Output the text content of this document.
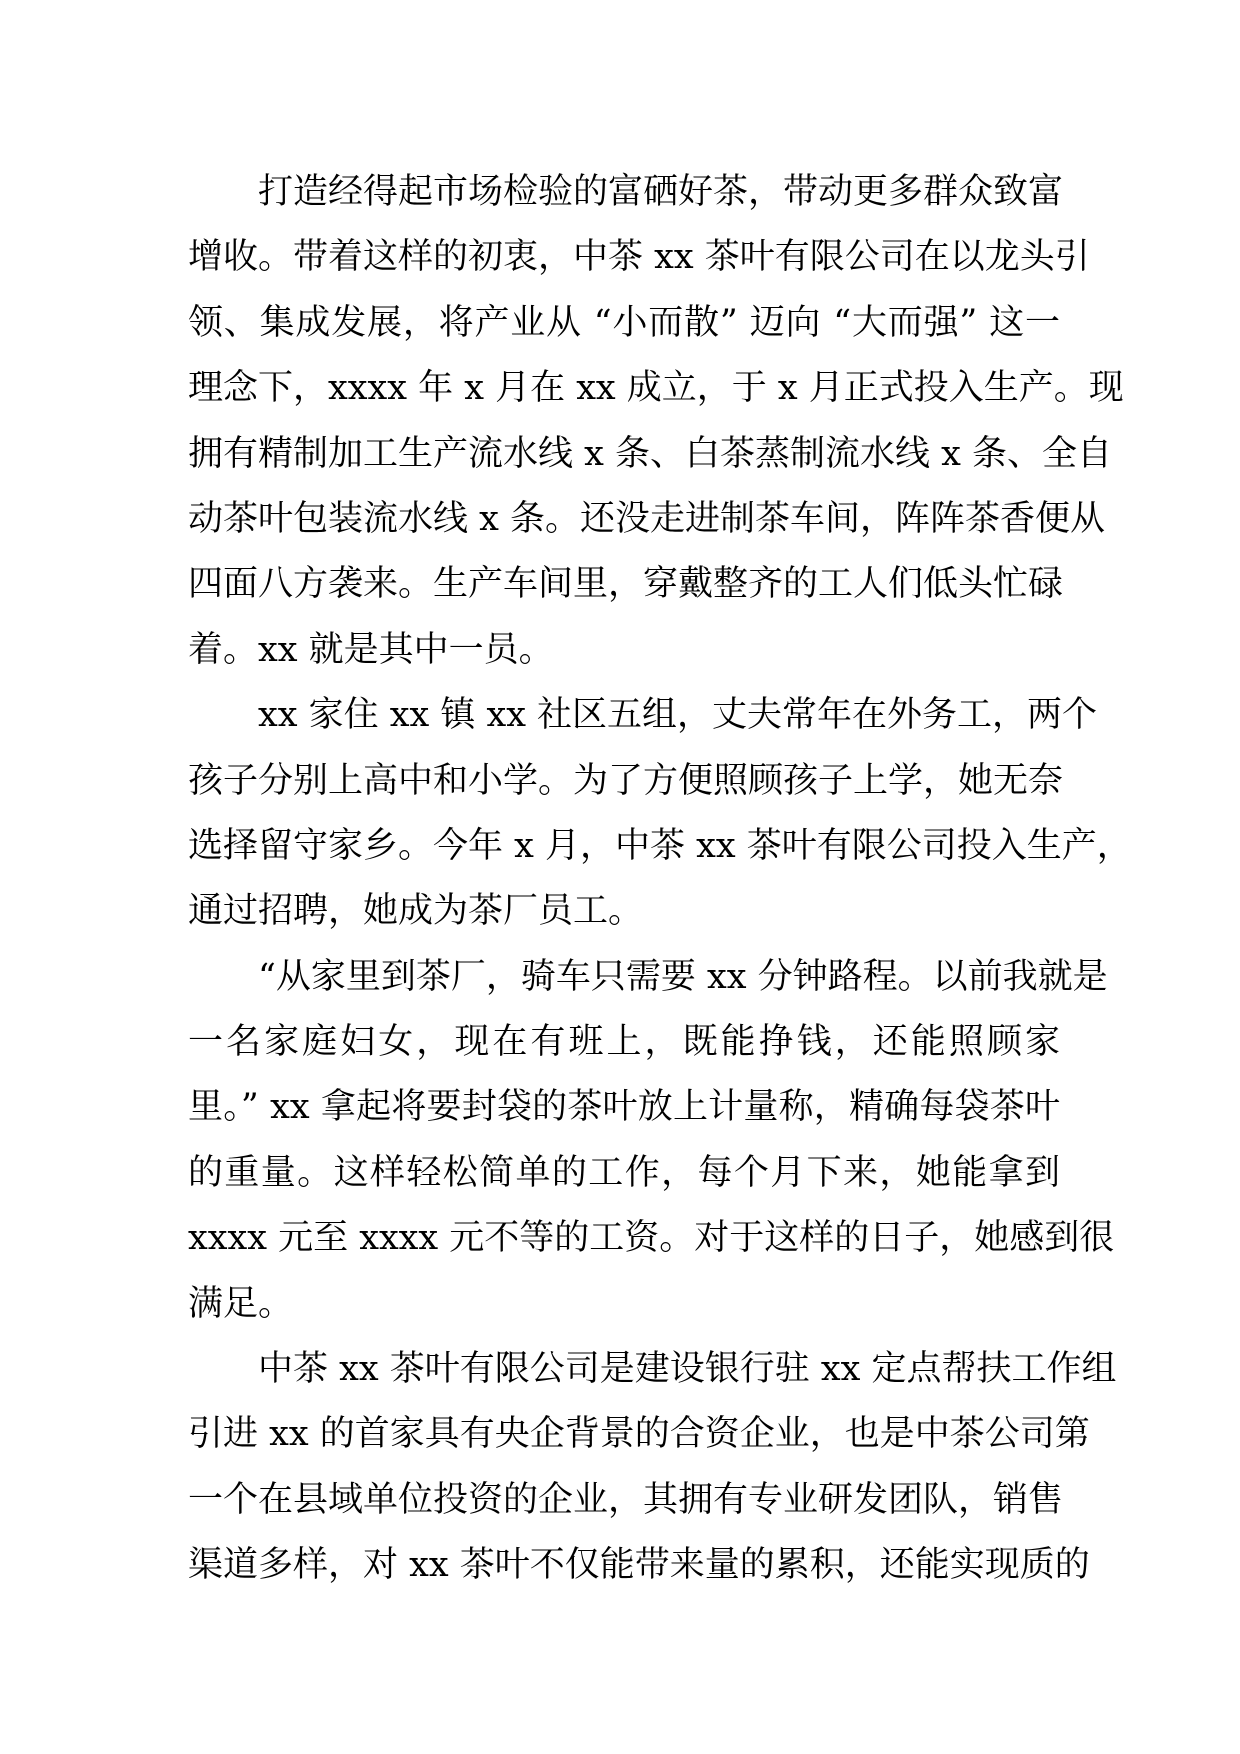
打造经得起市场检验的富硒好茶，带动更多群众致富
增收。带着这样的初衷，中茶 xx 茶叶有限公司在以龙头引
领、集成发展，将产业从 “小而散” 迈向 “大而强” 这一
理念下，xxxx 年 x 月在 xx 成立，于 x 月正式投入生产。现
拥有精制加工生产流水线 x 条、白茶蒸制流水线 x 条、全自
动茶叶包装流水线 x 条。还没走进制茶车间，阵阵茶香便从
四面八方袭来。生产车间里，穿戴整齐的工人们低头忙碌
着。xx 就是其中一员。
xx 家住 xx 镇 xx 社区五组，丈夫常年在外务工，两个
孩子分别上高中和小学。为了方便照顾孩子上学，她无奈
选择留守家乡。今年 x 月，中茶 xx 茶叶有限公司投入生产，
通过招聘，她成为茶厂员工。
“从家里到茶厂，骑车只需要 xx 分钟路程。以前我就是
一名家庭妇女，现在有班上，既能挣钱，还能照顾家
里。” xx 拿起将要封袋的茶叶放上计量称，精确每袋茶叶
的重量。这样轻松简单的工作，每个月下来，她能拿到
xxxx 元至 xxxx 元不等的工资。对于这样的日子，她感到很
满足。
中茶 xx 茶叶有限公司是建设银行驻 xx 定点帮扶工作组
引进 xx 的首家具有央企背景的合资企业，也是中茶公司第
一个在县域单位投资的企业，其拥有专业研发团队，销售
渠道多样，对 xx 茶叶不仅能带来量的累积，还能实现质的
